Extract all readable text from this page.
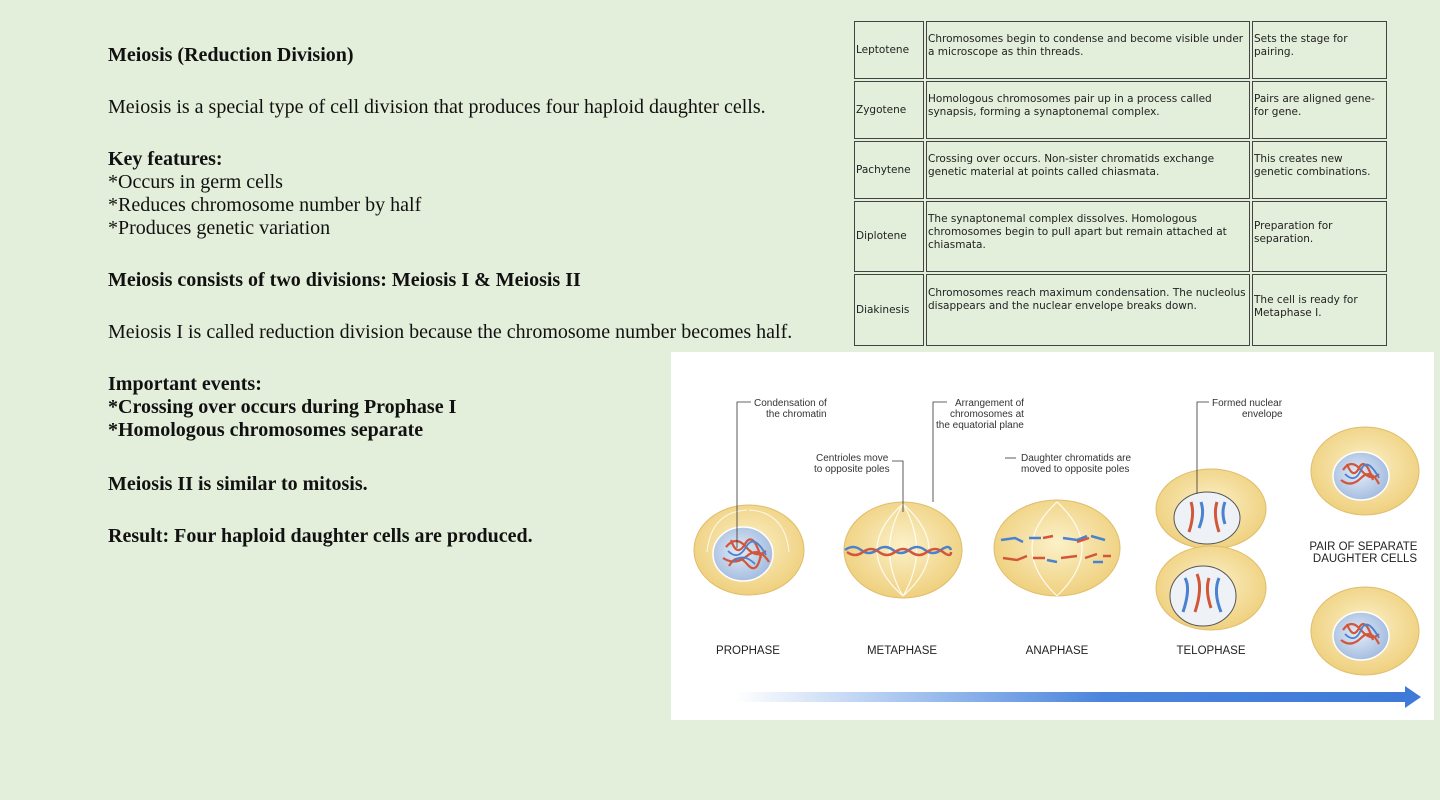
Meiosis (Reduction Division)
Meiosis is a special type of cell division that produces four haploid daughter cells.
Key features:
*Occurs in germ cells
*Reduces chromosome number by half
*Produces genetic variation
Meiosis consists of two divisions: Meiosis I & Meiosis II
Meiosis I is called reduction division because the chromosome number becomes half.
Important events:
*Crossing over occurs during Prophase I
*Homologous chromosomes separate
Meiosis II is similar to mitosis.
Result: Four haploid daughter cells are produced.
Leptotene	Chromosomes begin to condense and become visible under a microscope as thin threads.	Sets the stage for pairing.
Zygotene	Homologous chromosomes pair up in a process called synapsis, forming a synaptonemal complex.	Pairs are aligned gene-for gene.
Pachytene	Crossing over occurs. Non-sister chromatids exchange genetic material at points called chiasmata.	This creates new genetic combinations.
Diplotene	The synaptonemal complex dissolves. Homologous chromosomes begin to pull apart but remain attached at chiasmata.	Preparation for separation.
Diakinesis	Chromosomes reach maximum condensation. The nucleolus disappears and the nuclear envelope breaks down.	The cell is ready for Metaphase I.
Condensation of the chromatin
Arrangement of chromosomes at the equatorial plane
Centrioles move to opposite poles
Daughter chromatids are moved to opposite poles
Formed nuclear envelope
PAIR OF SEPARATE DAUGHTER CELLS
PROPHASE	METAPHASE	ANAPHASE	TELOPHASE
